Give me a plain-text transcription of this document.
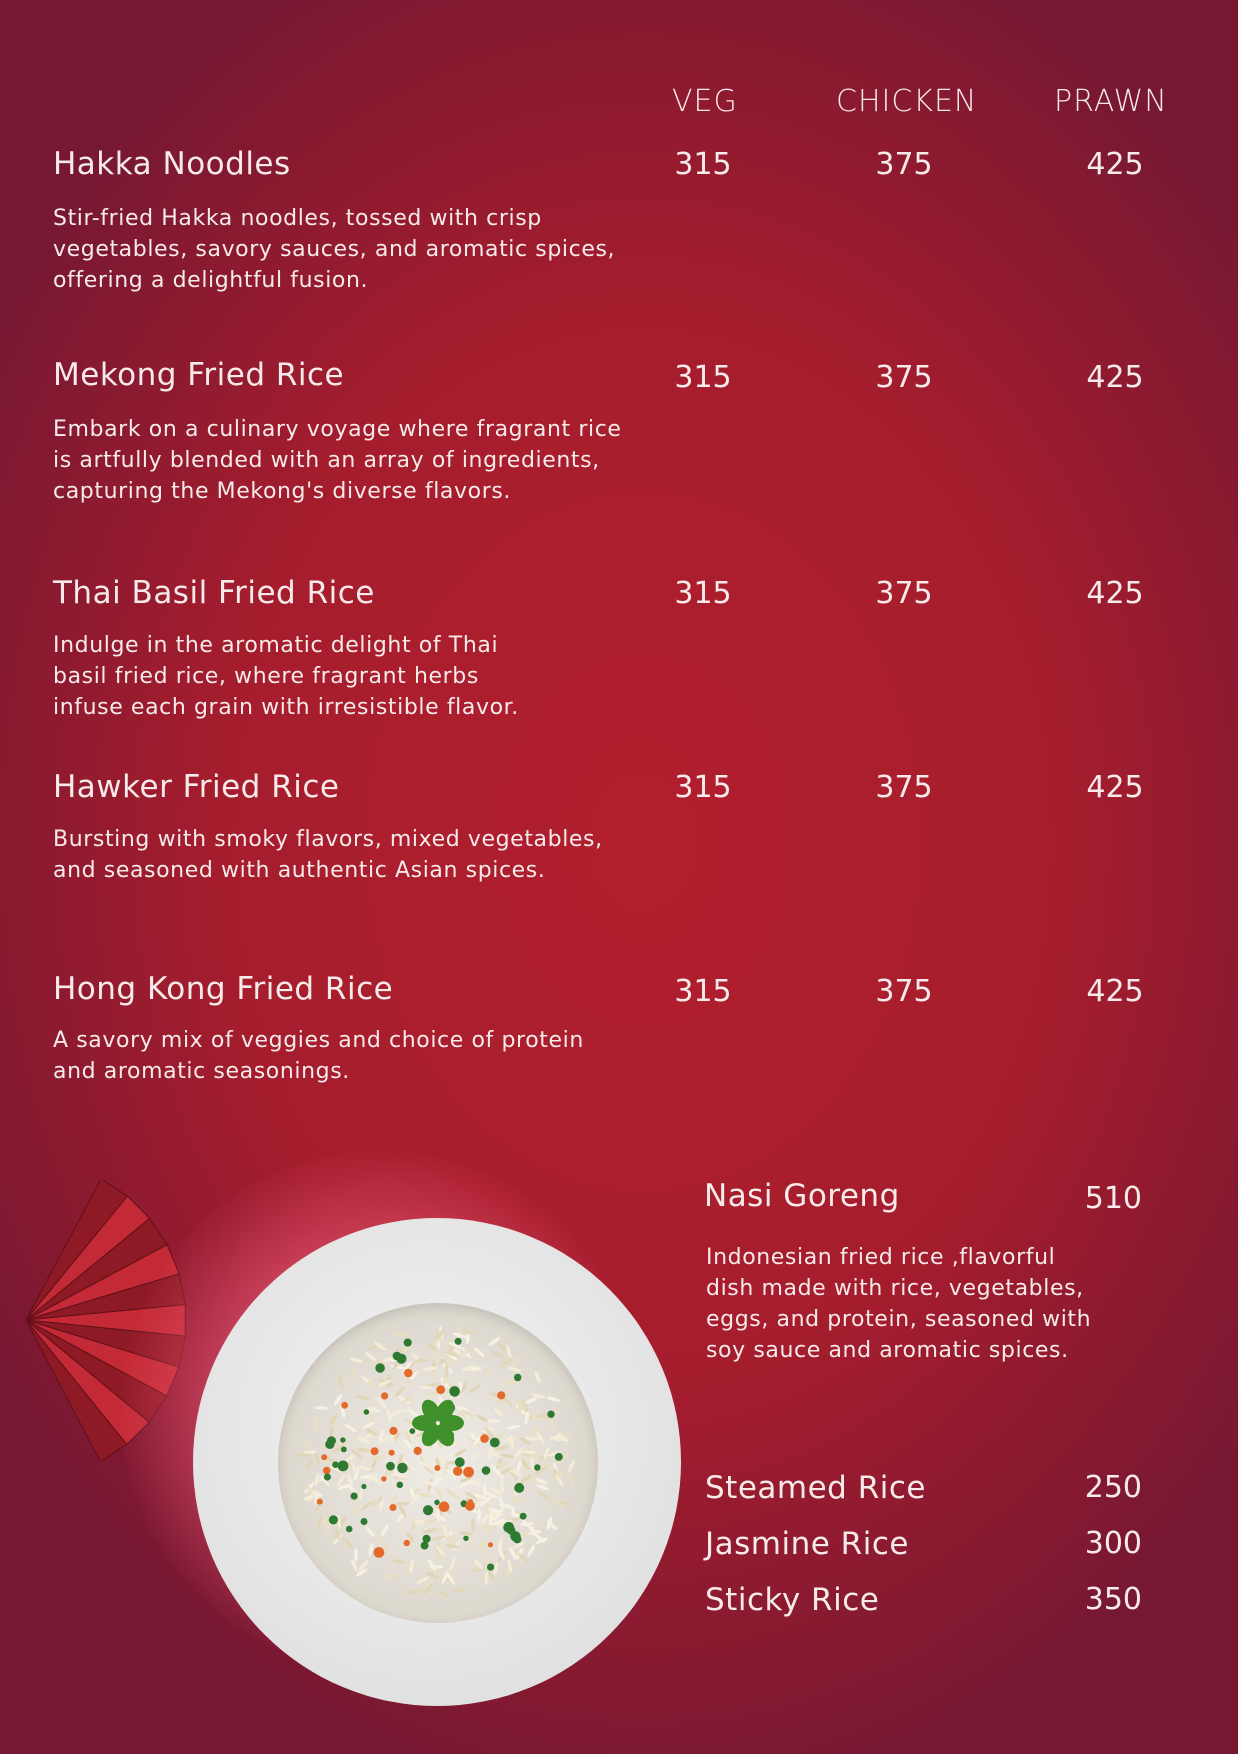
VEG	CHICKEN	PRAWN
Hakka Noodles	315	375	425
Stir-fried Hakka noodles, tossed with crisp
vegetables, savory sauces, and aromatic spices,
offering a delightful fusion.
Mekong Fried Rice	315	375	425
Embark on a culinary voyage where fragrant rice
is artfully blended with an array of ingredients,
capturing the Mekong's diverse flavors.
Thai Basil Fried Rice	315	375	425
Indulge in the aromatic delight of Thai
basil fried rice, where fragrant herbs
infuse each grain with irresistible flavor.
Hawker Fried Rice	315	375	425
Bursting with smoky flavors, mixed vegetables,
and seasoned with authentic Asian spices.
Hong Kong Fried Rice	315	375	425
A savory mix of veggies and choice of protein
and aromatic seasonings.
Nasi Goreng	510
Indonesian fried rice ,flavorful
dish made with rice, vegetables,
eggs, and protein, seasoned with
soy sauce and aromatic spices.
Steamed Rice	250
Jasmine Rice	300
Sticky Rice	350
